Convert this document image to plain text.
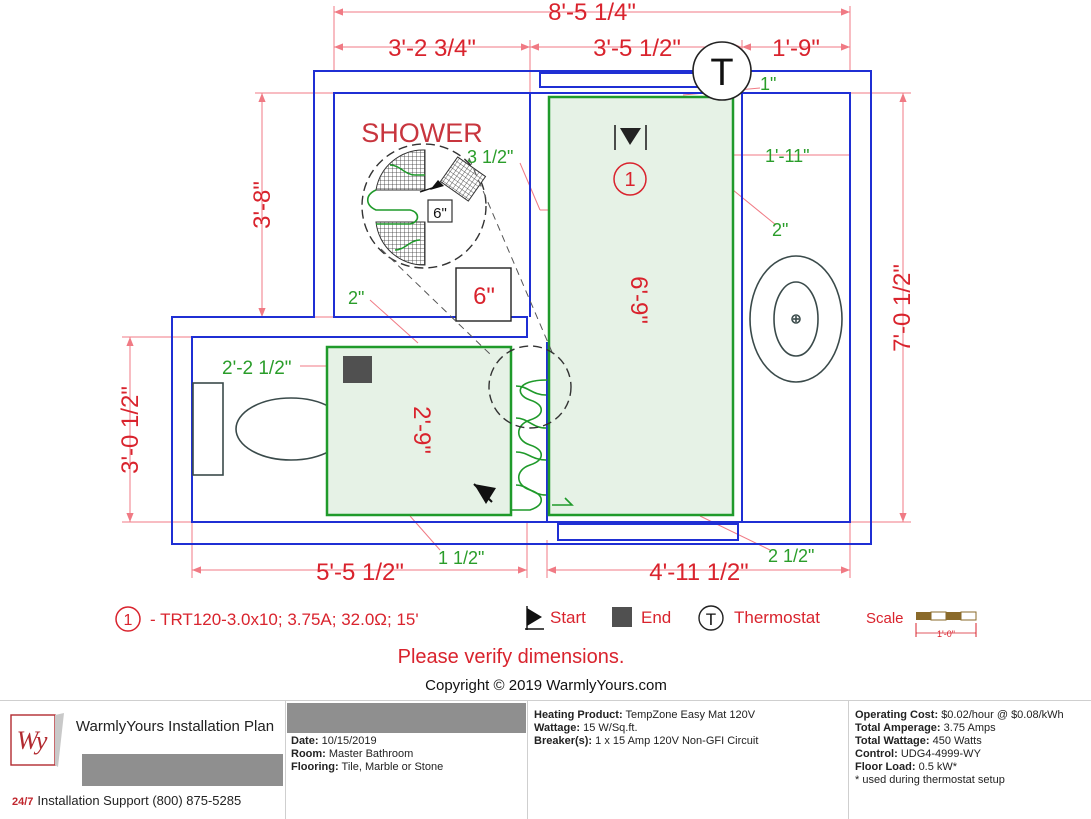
6"
6"
1
T
8'-5 1/4"
3'-2 3/4"	3'-5 1/2"	1'-9"
3'-8"
3'-0 1/2"
7'-0 1/2"
5'-5 1/2"	4'-11 1/2"
2'-2 1/2"
6'-9"
2'-9"
SHOWER
1"
1'-11"
2"
3 1/2"
2"
1 1/2"	2 1/2"
1 - TRT120-3.0x10; 3.75A; 32.0Ω; 15'	Start	End T Thermostat	Scale
1'-0"
Please verify dimensions.
Copyright © 2019 WarmlyYours.com
Wy	WarmlyYours Installation Plan
24/7 Installation Support (800) 875-5285
Date: 10/15/2019
Room: Master Bathroom
Flooring: Tile, Marble or Stone
Heating Product: TempZone Easy Mat 120V
Wattage: 15 W/Sq.ft.
Breaker(s): 1 x 15 Amp 120V Non-GFI Circuit
Operating Cost: $0.02/hour @ $0.08/kWh
Total Amperage: 3.75 Amps
Total Wattage: 450 Watts
Control: UDG4-4999-WY
Floor Load: 0.5 kW*
* used during thermostat setup
